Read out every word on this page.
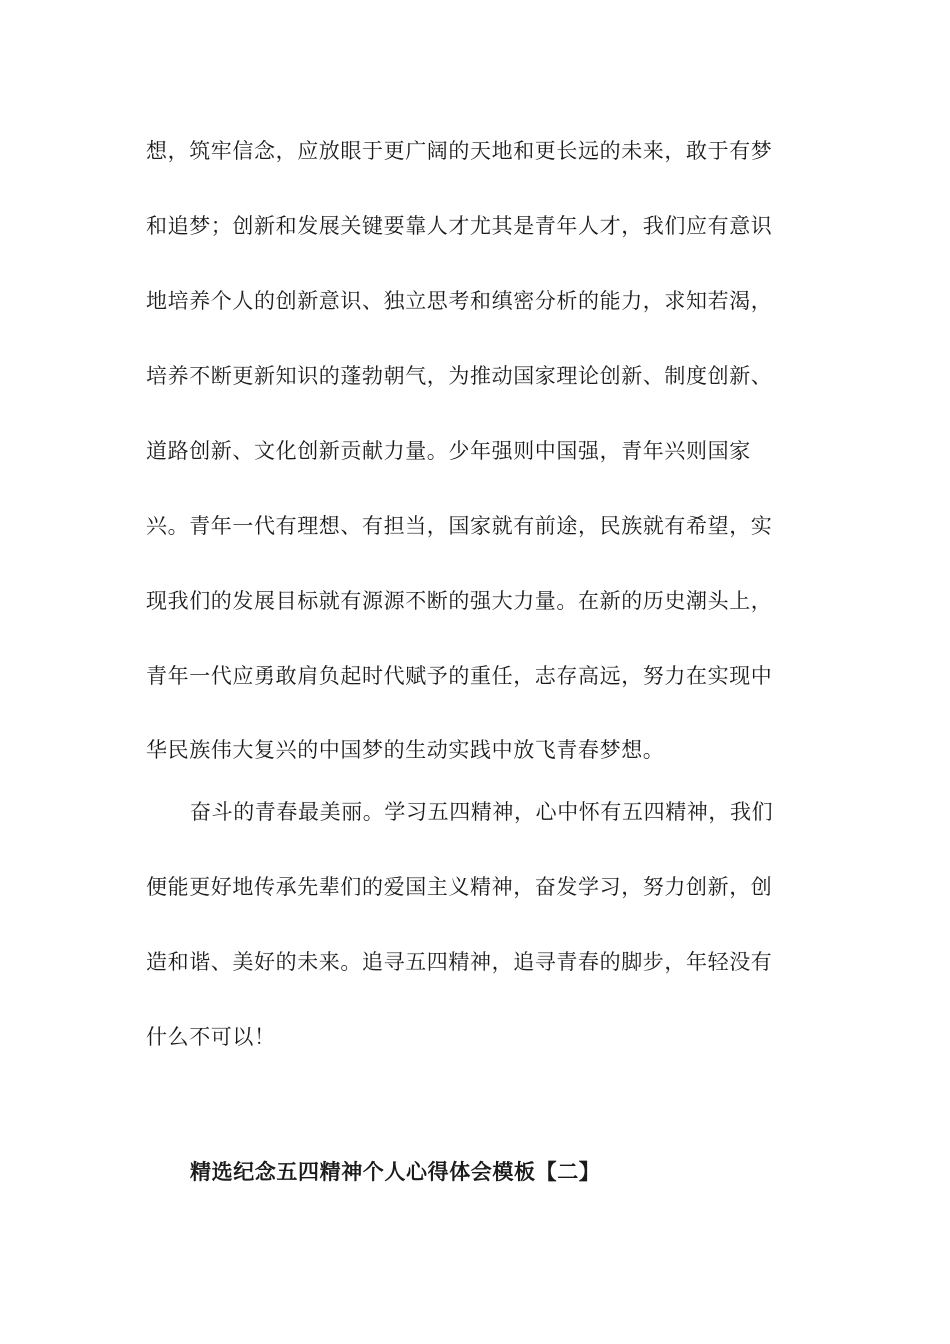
想，筑牢信念，应放眼于更广阔的天地和更长远的未来，敢于有梦
和追梦；创新和发展关键要靠人才尤其是青年人才，我们应有意识
地培养个人的创新意识、独立思考和缜密分析的能力，求知若渴，
培养不断更新知识的蓬勃朝气，为推动国家理论创新、制度创新、
道路创新、文化创新贡献力量。少年强则中国强，青年兴则国家
兴。青年一代有理想、有担当，国家就有前途，民族就有希望，实
现我们的发展目标就有源源不断的强大力量。在新的历史潮头上，
青年一代应勇敢肩负起时代赋予的重任，志存高远，努力在实现中
华民族伟大复兴的中国梦的生动实践中放飞青春梦想。
奋斗的青春最美丽。学习五四精神，心中怀有五四精神，我们
便能更好地传承先辈们的爱国主义精神，奋发学习，努力创新，创
造和谐、美好的未来。追寻五四精神，追寻青春的脚步，年轻没有
什么不可以！
精选纪念五四精神个人心得体会模板【二】
